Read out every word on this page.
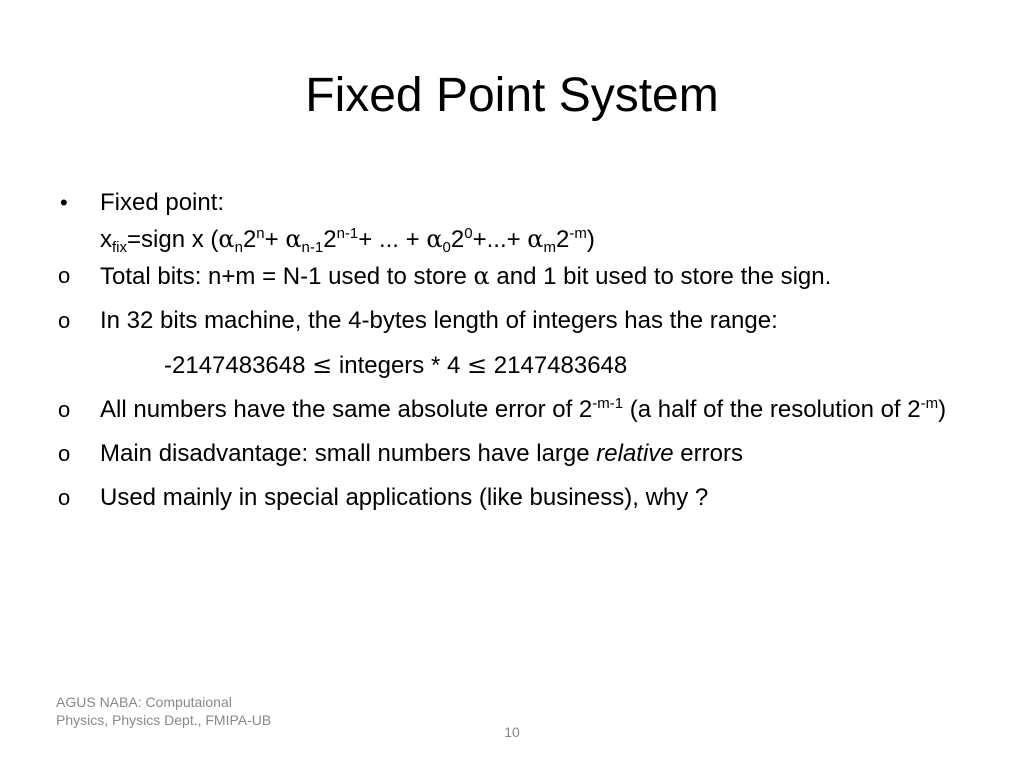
Fixed Point System
•	Fixed point:
$x_{fix}=sign$ x ($\alpha_n2^n+ \alpha_{n-1}2^{n-1}+$ ... + $\alpha_02^0+...+ \alpha_m2^{-m}$)
o	Total bits: n+m = N-1 used to store α and 1 bit used to store the sign.
o	In 32 bits machine, the 4-bytes length of integers has the range:
-2147483648 ≤ integers * 4 ≤ 2147483648
o	All numbers have the same absolute error of $2^{-m-1}$ (a half of the resolution of $2^{-m}$)
o	Main disadvantage: small numbers have large relative errors
o	Used mainly in special applications (like business), why ?
AGUS NABA: Computaional Physics, Physics Dept., FMIPA-UB
10
